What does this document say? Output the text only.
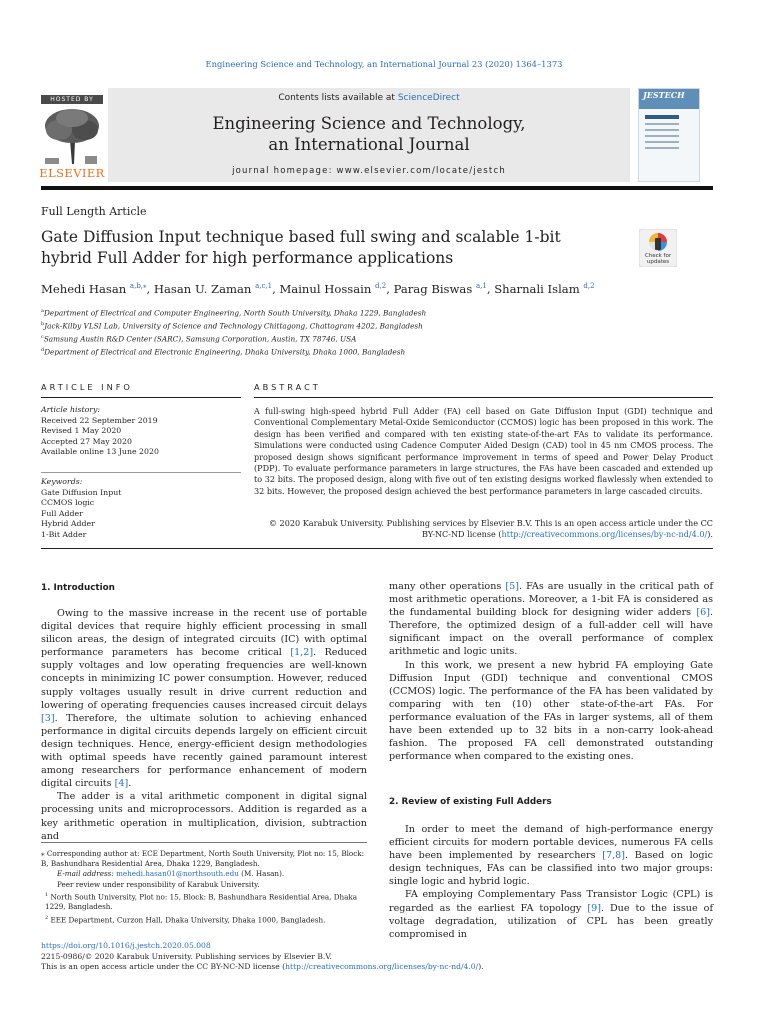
Engineering Science and Technology, an International Journal 23 (2020) 1364–1373
HOSTED BY
ELSEVIER
Contents lists available at ScienceDirect
Engineering Science and Technology,
an International Journal
journal homepage: www.elsevier.com/locate/jestch
JESTECH
Full Length Article
Gate Diffusion Input technique based full swing and scalable 1-bit
hybrid Full Adder for high performance applications	Check for
updates
Mehedi Hasan $^{a,b,⁎}$, Hasan U. Zaman $^{a,c,1}$, Mainul Hossain $^{d,2}$, Parag Biswas $^{a,1}$, Sharnali Islam $^{d,2}$
$^a$Department of Electrical and Computer Engineering, North South University, Dhaka 1229, Bangladesh
$^b$Jack-Kilby VLSI Lab, University of Science and Technology Chittagong, Chattogram 4202, Bangladesh
$^c$Samsung Austin R&D Center (SARC), Samsung Corporation, Austin, TX 78746, USA
$^d$Department of Electrical and Electronic Engineering, Dhaka University, Dhaka 1000, Bangladesh
ARTICLE INFO	ABSTRACT
Article history:
Received 22 September 2019
Revised 1 May 2020
Accepted 27 May 2020
Available online 13 June 2020
Keywords:
Gate Diffusion Input
CCMOS logic
Full Adder
Hybrid Adder
1-Bit Adder
A full-swing high-speed hybrid Full Adder (FA) cell based on Gate Diffusion Input (GDI) technique and Conventional Complementary Metal-Oxide Semiconductor (CCMOS) logic has been proposed in this work. The design has been verified and compared with ten existing state-of-the-art FAs to validate its performance. Simulations were conducted using Cadence Computer Aided Design (CAD) tool in 45 nm CMOS process. The proposed design shows significant performance improvement in terms of speed and Power Delay Product (PDP). To evaluate performance parameters in large structures, the FAs have been cascaded and extended up to 32 bits. The proposed design, along with five out of ten existing designs worked flawlessly when extended to 32 bits. However, the proposed design achieved the best performance parameters in large cascaded circuits.
© 2020 Karabuk University. Publishing services by Elsevier B.V. This is an open access article under the CC
BY-NC-ND license (http://creativecommons.org/licenses/by-nc-nd/4.0/).
1. Introduction

Owing to the massive increase in the recent use of portable digital devices that require highly efficient processing in small silicon areas, the design of integrated circuits (IC) with optimal performance parameters has become critical [1,2]. Reduced supply voltages and low operating frequencies are well-known concepts in minimizing IC power consumption. However, reduced supply voltages usually result in drive current reduction and lowering of operating frequencies causes increased circuit delays [3]. Therefore, the ultimate solution to achieving enhanced performance in digital circuits depends largely on efficient circuit design techniques. Hence, energy-efficient design methodologies with optimal speeds have recently gained paramount interest among researchers for performance enhancement of modern digital circuits [4].

The adder is a vital arithmetic component in digital signal processing units and microprocessors. Addition is regarded as a key arithmetic operation in multiplication, division, subtraction and

⁎ Corresponding author at: ECE Department, North South University, Plot no: 15, Block: B, Bashundhara Residential Area, Dhaka 1229, Bangladesh.
E-mail address: mehedi.hasan01@northsouth.edu (M. Hasan).
Peer review under responsibility of Karabuk University.
$^1$ North South University, Plot no: 15, Block: B, Bashundhara Residential Area, Dhaka 1229, Bangladesh.
$^2$ EEE Department, Curzon Hall, Dhaka University, Dhaka 1000, Bangladesh.

many other operations [5]. FAs are usually in the critical path of most arithmetic operations. Moreover, a 1-bit FA is considered as the fundamental building block for designing wider adders [6]. Therefore, the optimized design of a full-adder cell will have significant impact on the overall performance of complex arithmetic and logic units.

In this work, we present a new hybrid FA employing Gate Diffusion Input (GDI) technique and conventional CMOS (CCMOS) logic. The performance of the FA has been validated by comparing with ten (10) other state-of-the-art FAs. For performance evaluation of the FAs in larger systems, all of them have been extended up to 32 bits in a non-carry look-ahead fashion. The proposed FA cell demonstrated outstanding performance when compared to the existing ones.

2. Review of existing Full Adders

In order to meet the demand of high-performance energy efficient circuits for modern portable devices, numerous FA cells have been implemented by researchers [7,8]. Based on logic design techniques, FAs can be classified into two major groups: single logic and hybrid logic.

FA employing Complementary Pass Transistor Logic (CPL) is regarded as the earliest FA topology [9]. Due to the issue of voltage degradation, utilization of CPL has been greatly compromised in

https://doi.org/10.1016/j.jestch.2020.05.008
2215-0986/© 2020 Karabuk University. Publishing services by Elsevier B.V.
This is an open access article under the CC BY-NC-ND license (http://creativecommons.org/licenses/by-nc-nd/4.0/).
